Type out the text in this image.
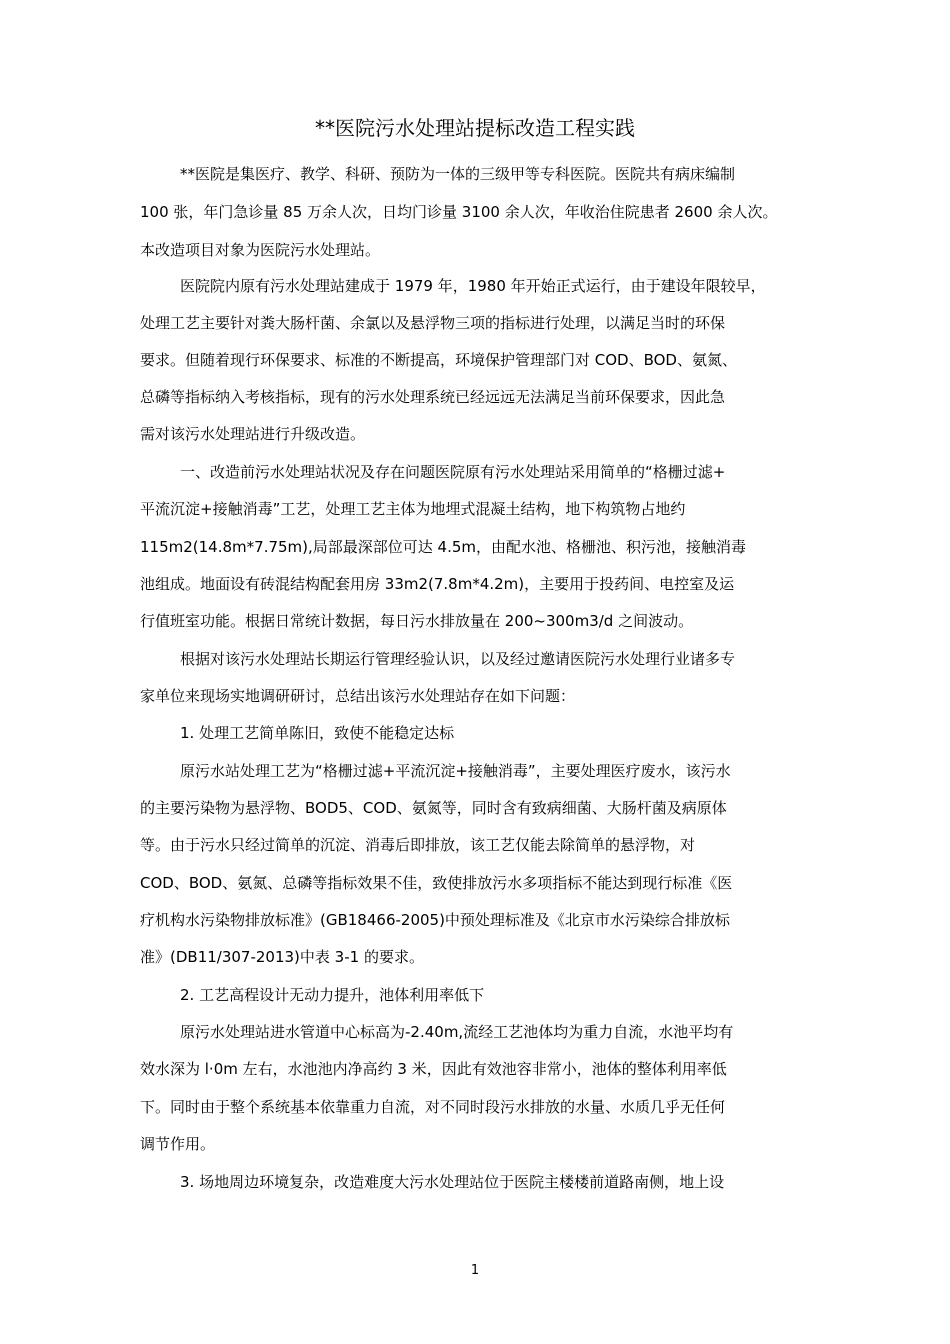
**医院污水处理站提标改造工程实践

**医院是集医疗、教学、科研、预防为一体的三级甲等专科医院。医院共有病床编制

100 张，年门急诊量 85 万余人次，日均门诊量 3100 余人次，年收治住院患者 2600 余人次。

本改造项目对象为医院污水处理站。

医院院内原有污水处理站建成于 1979 年，1980 年开始正式运行，由于建设年限较早，

处理工艺主要针对粪大肠杆菌、余氯以及悬浮物三项的指标进行处理，以满足当时的环保

要求。但随着现行环保要求、标准的不断提高，环境保护管理部门对 COD、BOD、氨氮、

总磷等指标纳入考核指标，现有的污水处理系统已经远远无法满足当前环保要求，因此急

需对该污水处理站进行升级改造。

一、改造前污水处理站状况及存在问题医院原有污水处理站采用简单的“格栅过滤+

平流沉淀+接触消毒”工艺，处理工艺主体为地埋式混凝土结构，地下构筑物占地约

115m2(14.8m*7.75m),局部最深部位可达 4.5m，由配水池、格栅池、积污池，接触消毒

池组成。地面设有砖混结构配套用房 33m2(7.8m*4.2m)，主要用于投药间、电控室及运

行值班室功能。根据日常统计数据，每日污水排放量在 200~300m3/d 之间波动。

根据对该污水处理站长期运行管理经验认识，以及经过邀请医院污水处理行业诸多专

家单位来现场实地调研研讨，总结出该污水处理站存在如下问题：

1. 处理工艺简单陈旧，致使不能稳定达标

原污水站处理工艺为“格栅过滤+平流沉淀+接触消毒”，主要处理医疗废水，该污水

的主要污染物为悬浮物、BOD5、COD、氨氮等，同时含有致病细菌、大肠杆菌及病原体

等。由于污水只经过简单的沉淀、消毒后即排放，该工艺仅能去除简单的悬浮物，对

COD、BOD、氨氮、总磷等指标效果不佳，致使排放污水多项指标不能达到现行标准《医

疗机构水污染物排放标准》(GB18466-2005)中预处理标准及《北京市水污染综合排放标

准》(DB11/307-2013)中表 3-1 的要求。

2. 工艺高程设计无动力提升，池体利用率低下

原污水处理站进水管道中心标高为-2.40m,流经工艺池体均为重力自流，水池平均有

效水深为 l·0m 左右，水池池内净高约 3 米，因此有效池容非常小，池体的整体利用率低

下。同时由于整个系统基本依靠重力自流，对不同时段污水排放的水量、水质几乎无任何

调节作用。

3. 场地周边环境复杂，改造难度大污水处理站位于医院主楼楼前道路南侧，地上设

1
